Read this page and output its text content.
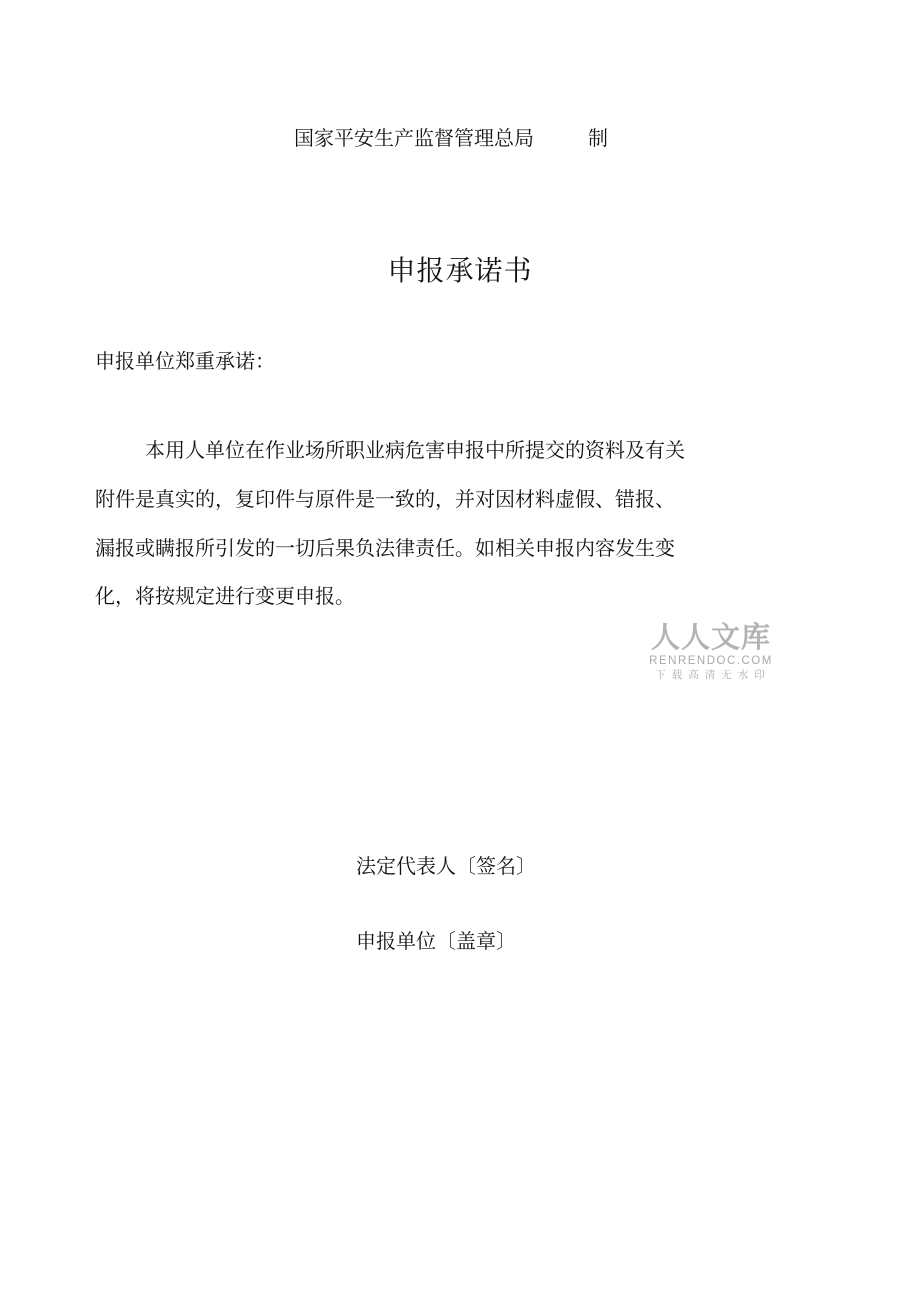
国家平安生产监督管理总局	制
申报承诺书
申报单位郑重承诺：
本用人单位在作业场所职业病危害申报中所提交的资料及有关
附件是真实的，复印件与原件是一致的，并对因材料虚假、错报、
漏报或瞒报所引发的一切后果负法律责任。如相关申报内容发生变
化，将按规定进行变更申报。
人人文库
RENRENDOC.COM
下载高清无水印
法定代表人〔签名〕
申报单位〔盖章〕
